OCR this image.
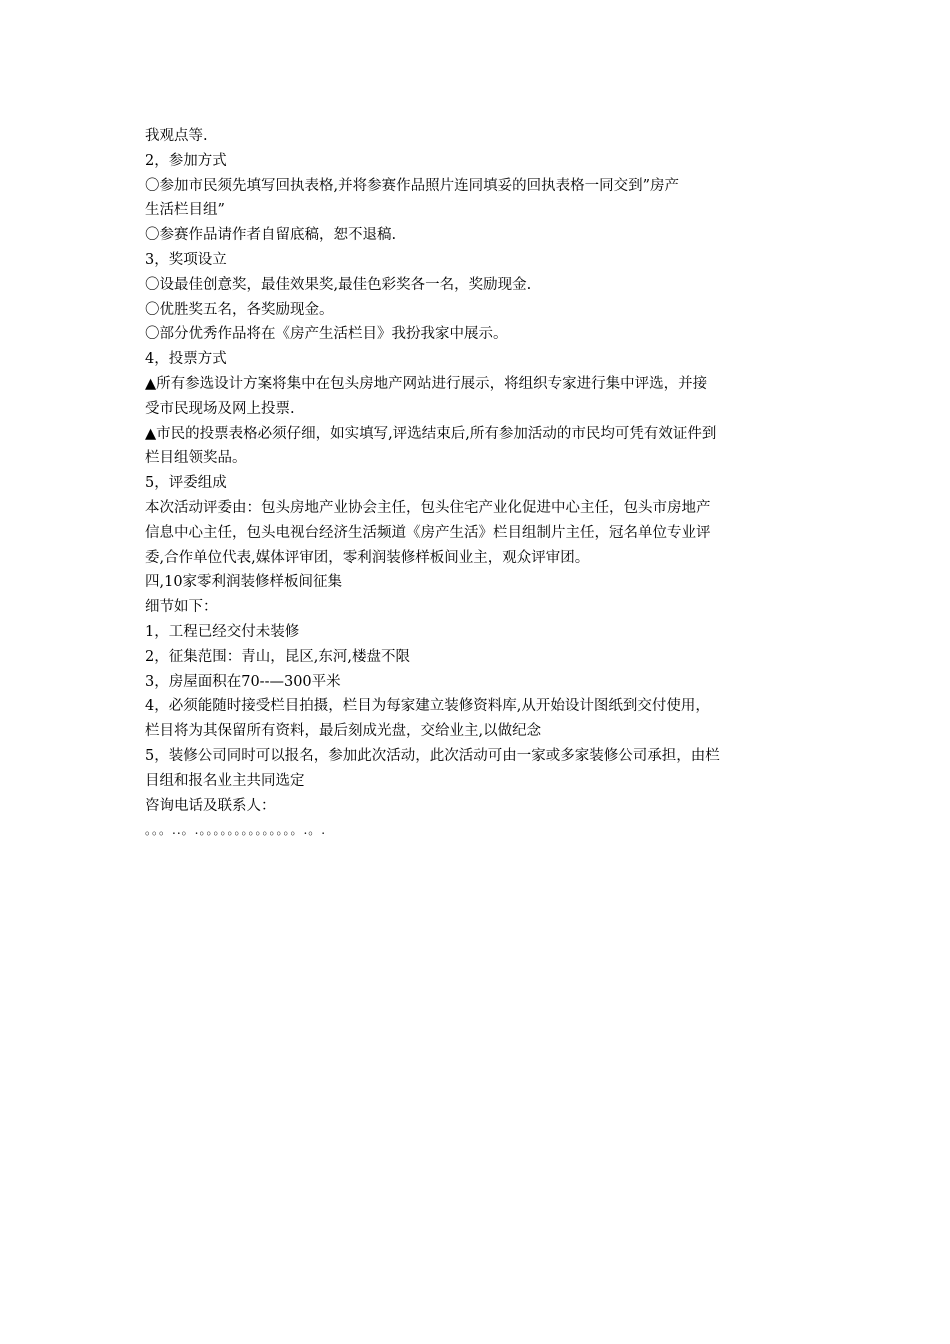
我观点等.
2，参加方式
〇参加市民须先填写回执表格,并将参赛作品照片连同填妥的回执表格一同交到”房产
生活栏目组”
〇参赛作品请作者自留底稿，恕不退稿.
3，奖项设立
〇设最佳创意奖，最佳效果奖,最佳色彩奖各一名，奖励现金.
〇优胜奖五名，各奖励现金。
〇部分优秀作品将在《房产生活栏目》我扮我家中展示。
4，投票方式
▲所有参选设计方案将集中在包头房地产网站进行展示，将组织专家进行集中评选，并接
受市民现场及网上投票.
▲市民的投票表格必须仔细，如实填写,评选结束后,所有参加活动的市民均可凭有效证件到
栏目组领奖品。
5，评委组成
本次活动评委由：包头房地产业协会主任，包头住宅产业化促进中心主任，包头市房地产
信息中心主任，包头电视台经济生活频道《房产生活》栏目组制片主任，冠名单位专业评
委,合作单位代表,媒体评审团，零利润装修样板间业主，观众评审团。
四,10家零利润装修样板间征集
细节如下：
1，工程已经交付未装修
2，征集范围：青山，昆区,东河,楼盘不限
3，房屋面积在70--—300平米
4，必须能随时接受栏目拍摄，栏目为每家建立装修资料库,从开始设计图纸到交付使用，
栏目将为其保留所有资料，最后刻成光盘，交给业主,以做纪念
5，装修公司同时可以报名，参加此次活动，此次活动可由一家或多家装修公司承担，由栏
目组和报名业主共同选定
咨询电话及联系人：
。。。..。.。。。。。。。。。。。。。。.。.
